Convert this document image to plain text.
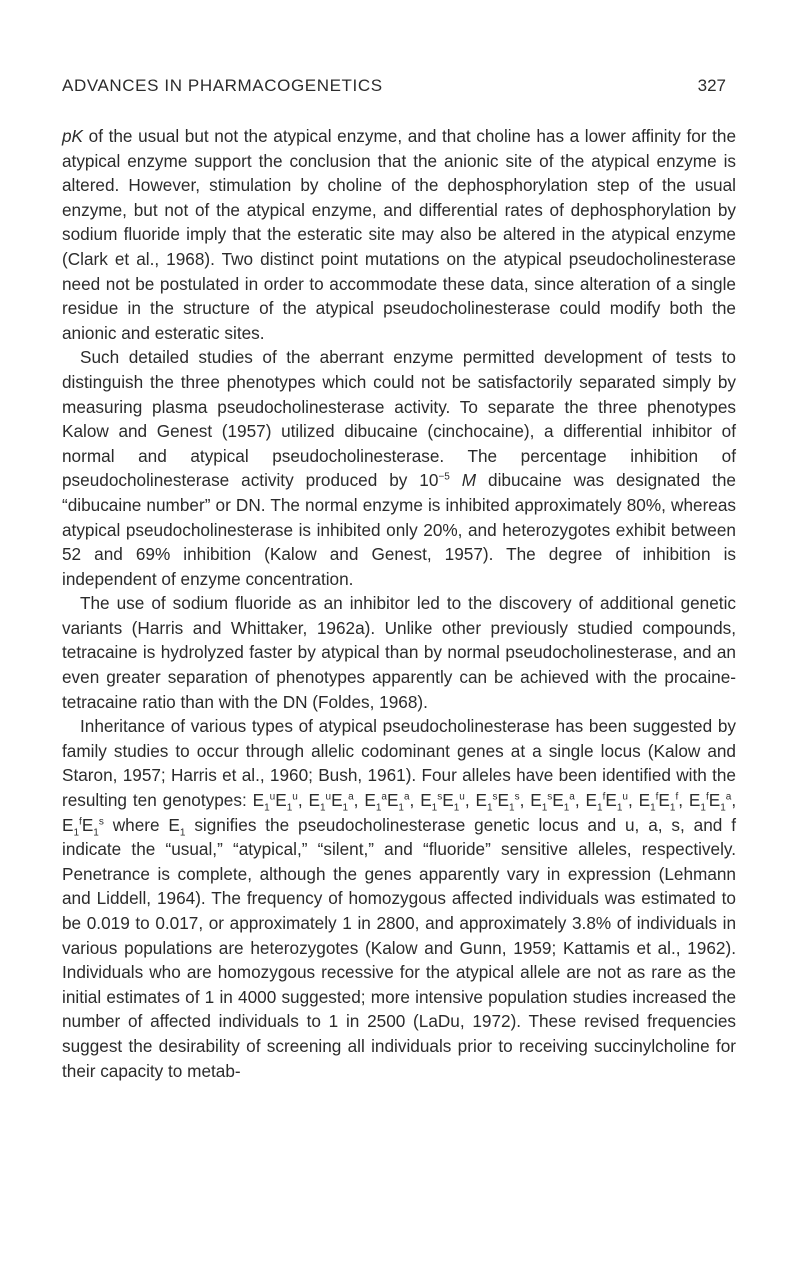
ADVANCES IN PHARMACOGENETICS	327

pK of the usual but not the atypical enzyme, and that choline has a lower affinity for the atypical enzyme support the conclusion that the anionic site of the atypical enzyme is altered. However, stimulation by choline of the dephosphorylation step of the usual enzyme, but not of the atypical enzyme, and differential rates of dephosphorylation by sodium fluoride imply that the esteratic site may also be altered in the atypical enzyme (Clark et al., 1968). Two distinct point mutations on the atypical pseudocholinesterase need not be postulated in order to accommodate these data, since alteration of a single residue in the structure of the atypical pseudocholinesterase could modify both the anionic and esteratic sites.

Such detailed studies of the aberrant enzyme permitted development of tests to distinguish the three phenotypes which could not be satisfactorily separated simply by measuring plasma pseudocholinesterase activity. To separate the three phenotypes Kalow and Genest (1957) utilized dibucaine (cinchocaine), a differential inhibitor of normal and atypical pseudocholinesterase. The percentage inhibition of pseudocholinesterase activity produced by $10^{-5}$ M dibucaine was designated the “dibucaine number” or DN. The normal enzyme is inhibited approximately 80%, whereas atypical pseudocholinesterase is inhibited only 20%, and heterozygotes exhibit between 52 and 69% inhibition (Kalow and Genest, 1957). The degree of inhibition is independent of enzyme concentration.

The use of sodium fluoride as an inhibitor led to the discovery of additional genetic variants (Harris and Whittaker, 1962a). Unlike other previously studied compounds, tetracaine is hydrolyzed faster by atypical than by normal pseudocholinesterase, and an even greater separation of phenotypes apparently can be achieved with the procaine-tetracaine ratio than with the DN (Foldes, 1968).

Inheritance of various types of atypical pseudocholinesterase has been suggested by family studies to occur through allelic codominant genes at a single locus (Kalow and Staron, 1957; Harris et al., 1960; Bush, 1961). Four alleles have been identified with the resulting ten genotypes: $E_1^uE_1^u$, $E_1^uE_1^a$, $E_1^aE_1^a$, $E_1^sE_1^u$, $E_1^sE_1^s$, $E_1^sE_1^a$, $E_1^fE_1^u$, $E_1^fE_1^f$, $E_1^fE_1^a$, $E_1^fE_1^s$ where $E_1$ signifies the pseudocholinesterase genetic locus and u, a, s, and f indicate the “usual,” “atypical,” “silent,” and “fluoride” sensitive alleles, respectively. Penetrance is complete, although the genes apparently vary in expression (Lehmann and Liddell, 1964). The frequency of homozygous affected individuals was estimated to be 0.019 to 0.017, or approximately 1 in 2800, and approximately 3.8% of individuals in various populations are heterozygotes (Kalow and Gunn, 1959; Kattamis et al., 1962). Individuals who are homozygous recessive for the atypical allele are not as rare as the initial estimates of 1 in 4000 suggested; more intensive population studies increased the number of affected individuals to 1 in 2500 (LaDu, 1972). These revised frequencies suggest the desirability of screening all individuals prior to receiving succinylcholine for their capacity to metab-
